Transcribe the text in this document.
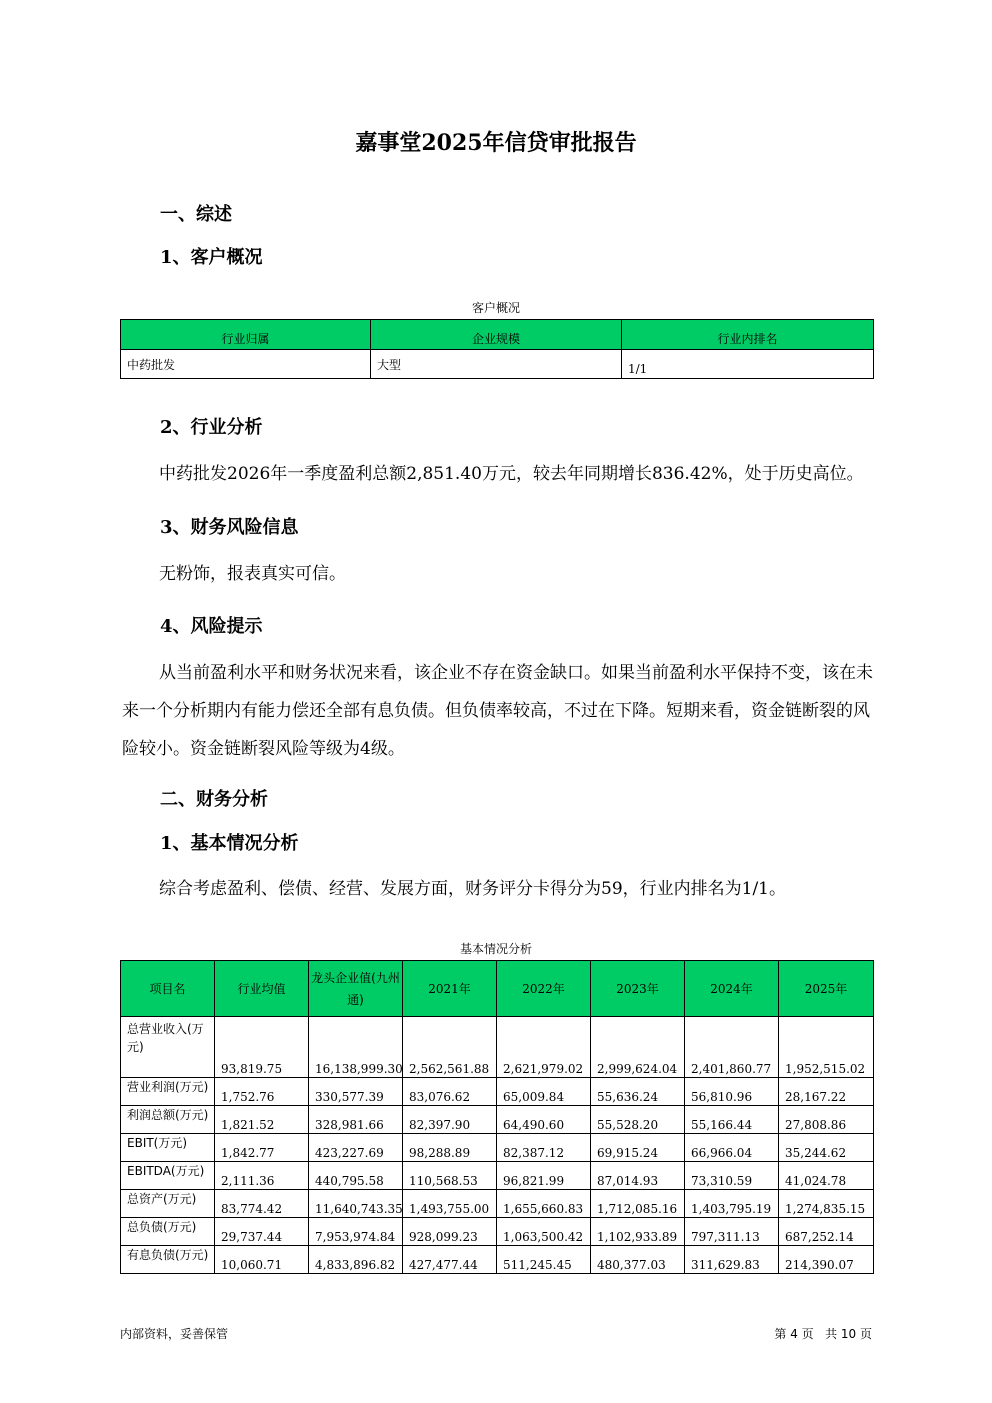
嘉事堂2025年信贷审批报告
一、综述
1、客户概况
客户概况
行业归属	企业规模	行业内排名
中药批发	大型	1/1
2、行业分析
中药批发2026年一季度盈利总额2,851.40万元，较去年同期增长836.42%，处于历史高位。
3、财务风险信息
无粉饰，报表真实可信。
4、风险提示
从当前盈利水平和财务状况来看，该企业不存在资金缺口。如果当前盈利水平保持不变，该在未来一个分析期内有能力偿还全部有息负债。但负债率较高，不过在下降。短期来看，资金链断裂的风险较小。资金链断裂风险等级为4级。
二、财务分析
1、基本情况分析
综合考虑盈利、偿债、经营、发展方面，财务评分卡得分为59，行业内排名为1/1。
基本情况分析
项目名	行业均值	龙头企业值(九州通)	2021年	2022年	2023年	2024年	2025年
总营业收入(万元)	93,819.75	16,138,999.30	2,562,561.88	2,621,979.02	2,999,624.04	2,401,860.77	1,952,515.02
营业利润(万元)	1,752.76	330,577.39	83,076.62	65,009.84	55,636.24	56,810.96	28,167.22
利润总额(万元)	1,821.52	328,981.66	82,397.90	64,490.60	55,528.20	55,166.44	27,808.86
EBIT(万元)	1,842.77	423,227.69	98,288.89	82,387.12	69,915.24	66,966.04	35,244.62
EBITDA(万元)	2,111.36	440,795.58	110,568.53	96,821.99	87,014.93	73,310.59	41,024.78
总资产(万元)	83,774.42	11,640,743.35	1,493,755.00	1,655,660.83	1,712,085.16	1,403,795.19	1,274,835.15
总负债(万元)	29,737.44	7,953,974.84	928,099.23	1,063,500.42	1,102,933.89	797,311.13	687,252.14
有息负债(万元)	10,060.71	4,833,896.82	427,477.44	511,245.45	480,377.03	311,629.83	214,390.07
内部资料，妥善保管	第 4 页   共 10 页
